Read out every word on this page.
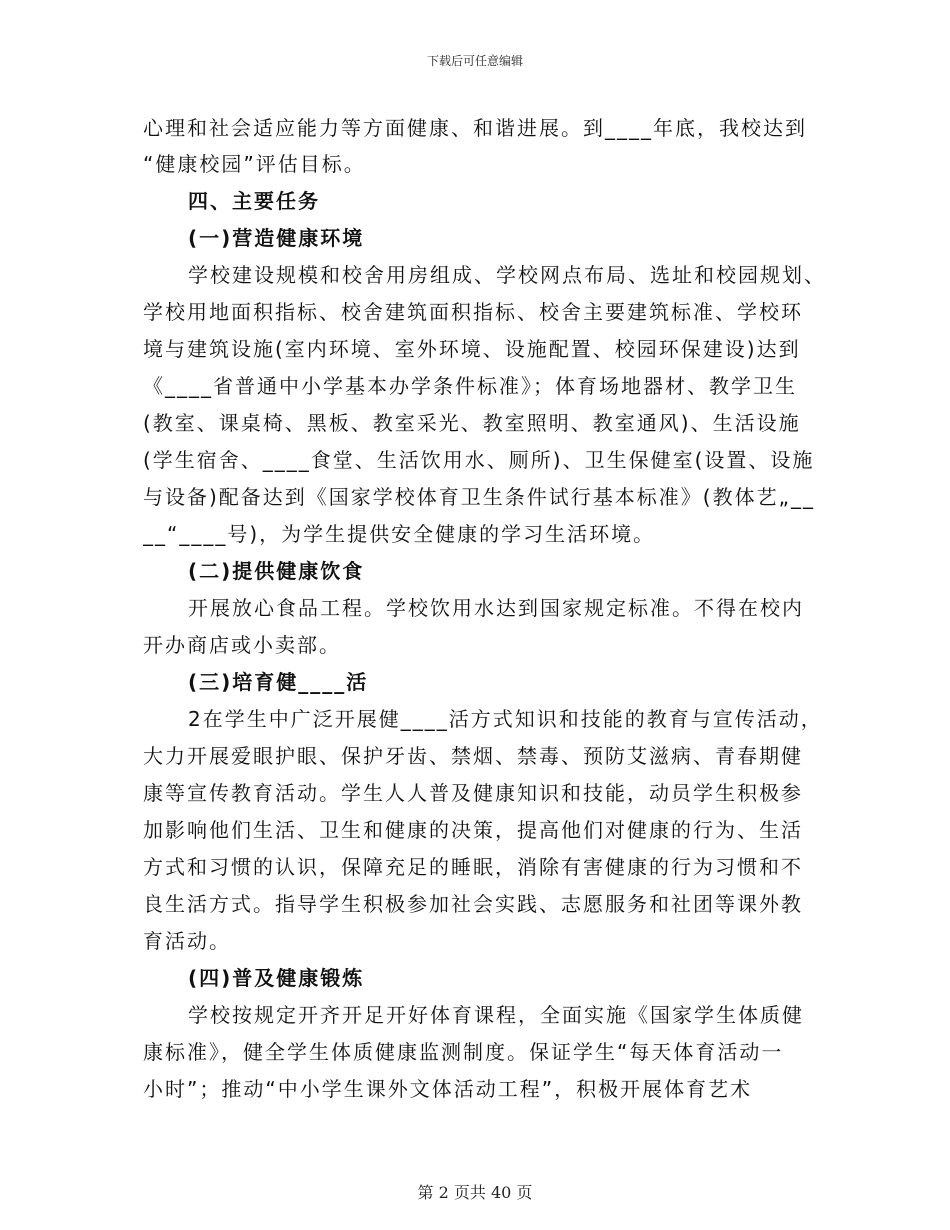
下载后可任意编辑
心理和社会适应能力等方面健康、和谐进展。到____年底，我校达到
“健康校园”评估目标。
四、主要任务
(一)营造健康环境
学校建设规模和校舍用房组成、学校网点布局、选址和校园规划、
学校用地面积指标、校舍建筑面积指标、校舍主要建筑标准、学校环
境与建筑设施(室内环境、室外环境、设施配置、校园环保建设)达到
《____省普通中小学基本办学条件标准》；体育场地器材、教学卫生
(教室、课桌椅、黑板、教室采光、教室照明、教室通风)、生活设施
(学生宿舍、____食堂、生活饮用水、厕所)、卫生保健室(设置、设施
与设备)配备达到《国家学校体育卫生条件试行基本标准》(教体艺„__
__“____号)，为学生提供安全健康的学习生活环境。
(二)提供健康饮食
开展放心食品工程。学校饮用水达到国家规定标准。不得在校内
开办商店或小卖部。
(三)培育健____活
2在学生中广泛开展健____活方式知识和技能的教育与宣传活动，
大力开展爱眼护眼、保护牙齿、禁烟、禁毒、预防艾滋病、青春期健
康等宣传教育活动。学生人人普及健康知识和技能，动员学生积极参
加影响他们生活、卫生和健康的决策，提高他们对健康的行为、生活
方式和习惯的认识，保障充足的睡眠，消除有害健康的行为习惯和不
良生活方式。指导学生积极参加社会实践、志愿服务和社团等课外教
育活动。
(四)普及健康锻炼
学校按规定开齐开足开好体育课程，全面实施《国家学生体质健
康标准》，健全学生体质健康监测制度。保证学生“每天体育活动一
小时”；推动“中小学生课外文体活动工程”，积极开展体育艺术
第 2 页共 40 页
